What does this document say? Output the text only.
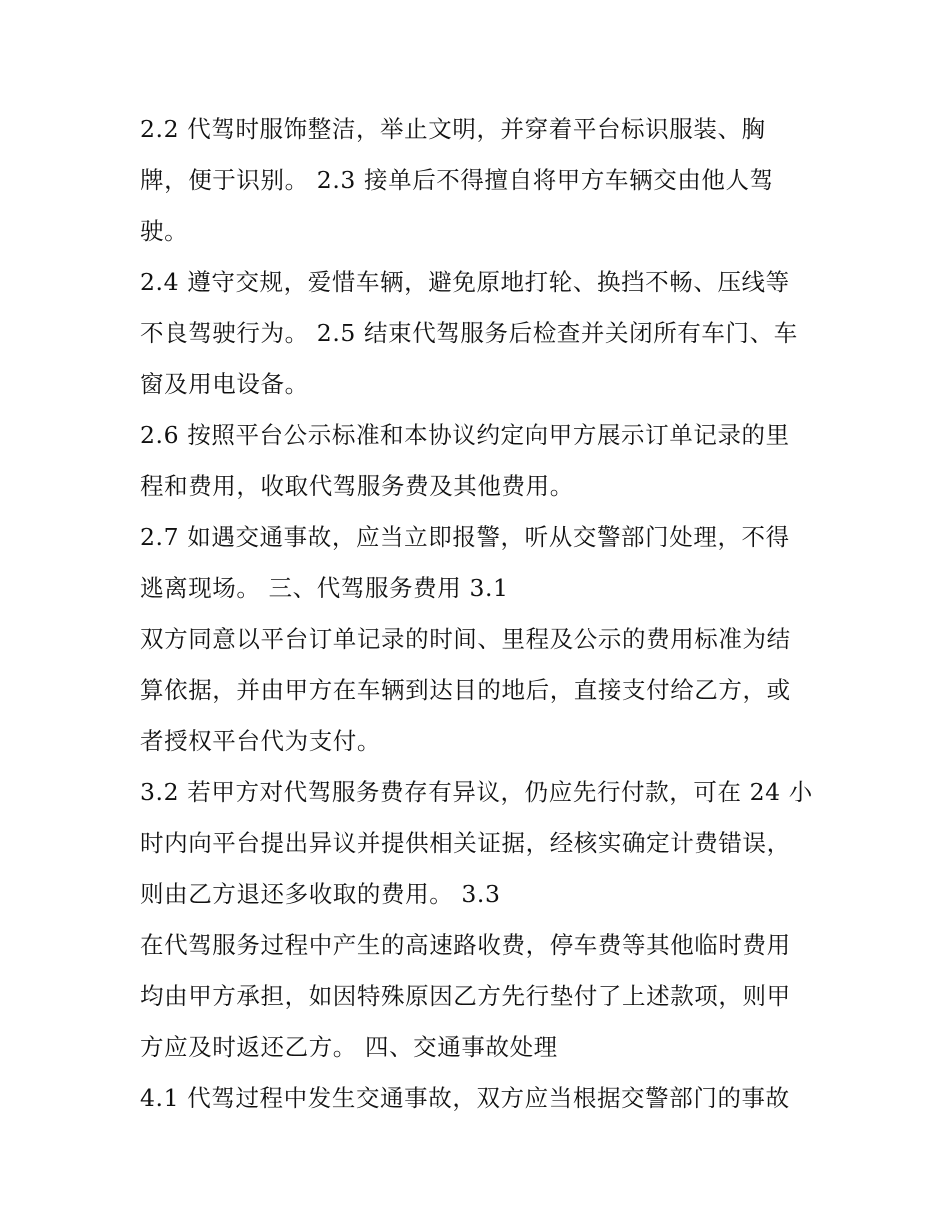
2.2 代驾时服饰整洁，举止文明，并穿着平台标识服装、胸
牌，便于识别。 2.3 接单后不得擅自将甲方车辆交由他人驾
驶。
2.4 遵守交规，爱惜车辆，避免原地打轮、换挡不畅、压线等
不良驾驶行为。 2.5 结束代驾服务后检查并关闭所有车门、车
窗及用电设备。
2.6 按照平台公示标准和本协议约定向甲方展示订单记录的里
程和费用，收取代驾服务费及其他费用。
2.7 如遇交通事故，应当立即报警，听从交警部门处理，不得
逃离现场。 三、代驾服务费用 3.1
双方同意以平台订单记录的时间、里程及公示的费用标准为结
算依据，并由甲方在车辆到达目的地后，直接支付给乙方，或
者授权平台代为支付。
3.2 若甲方对代驾服务费存有异议，仍应先行付款，可在 24 小
时内向平台提出异议并提供相关证据，经核实确定计费错误，
则由乙方退还多收取的费用。 3.3
在代驾服务过程中产生的高速路收费，停车费等其他临时费用
均由甲方承担，如因特殊原因乙方先行垫付了上述款项，则甲
方应及时返还乙方。 四、交通事故处理
4.1 代驾过程中发生交通事故，双方应当根据交警部门的事故
